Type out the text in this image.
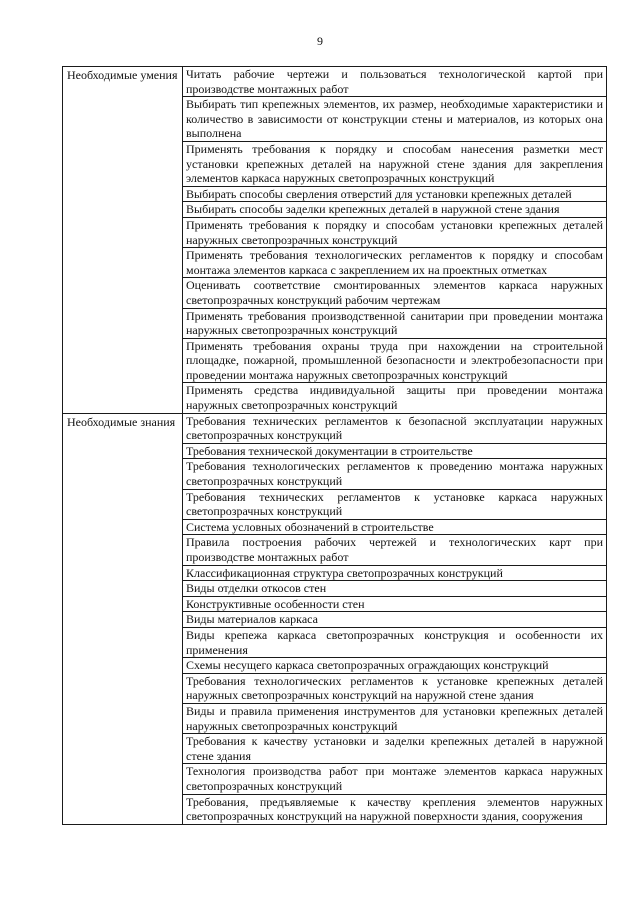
9
Необходимые умения	Читать рабочие чертежи и пользоваться технологической картой при производстве монтажных работ
	Выбирать тип крепежных элементов, их размер, необходимые характеристики и количество в зависимости от конструкции стены и материалов, из которых она выполнена
	Применять требования к порядку и способам нанесения разметки мест установки крепежных деталей на наружной стене здания для закрепления элементов каркаса наружных светопрозрачных конструкций
	Выбирать способы сверления отверстий для установки крепежных деталей
	Выбирать способы заделки крепежных деталей в наружной стене здания
	Применять требования к порядку и способам установки крепежных деталей наружных светопрозрачных конструкций
	Применять требования технологических регламентов к порядку и способам монтажа элементов каркаса с закреплением их на проектных отметках
	Оценивать соответствие смонтированных элементов каркаса наружных светопрозрачных конструкций рабочим чертежам
	Применять требования производственной санитарии при проведении монтажа наружных светопрозрачных конструкций
	Применять требования охраны труда при нахождении на строительной площадке, пожарной, промышленной безопасности и электробезопасности при проведении монтажа наружных светопрозрачных конструкций
	Применять средства индивидуальной защиты при проведении монтажа наружных светопрозрачных конструкций
Необходимые знания	Требования технических регламентов к безопасной эксплуатации наружных светопрозрачных конструкций
	Требования технической документации в строительстве
	Требования технологических регламентов к проведению монтажа наружных светопрозрачных конструкций
	Требования технических регламентов к установке каркаса наружных светопрозрачных конструкций
	Система условных обозначений в строительстве
	Правила построения рабочих чертежей и технологических карт при производстве монтажных работ
	Классификационная структура светопрозрачных конструкций
	Виды отделки откосов стен
	Конструктивные особенности стен
	Виды материалов каркаса
	Виды крепежа каркаса светопрозрачных конструкция и особенности их применения
	Схемы несущего каркаса светопрозрачных ограждающих конструкций
	Требования технологических регламентов к установке крепежных деталей наружных светопрозрачных конструкций на наружной стене здания
	Виды и правила применения инструментов для установки крепежных деталей наружных светопрозрачных конструкций
	Требования к качеству установки и заделки крепежных деталей в наружной стене здания
	Технология производства работ при монтаже элементов каркаса наружных светопрозрачных конструкций
	Требования, предъявляемые к качеству крепления элементов наружных светопрозрачных конструкций на наружной поверхности здания, сооружения
